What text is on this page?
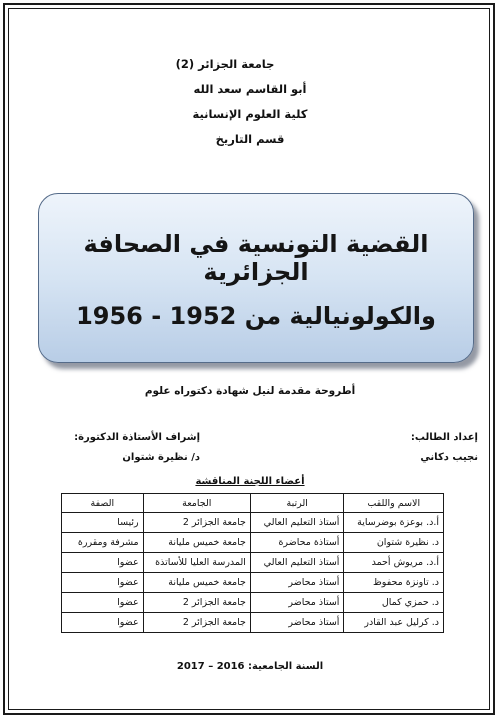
جامعة الجزائر (2)
أبو القاسم سعد الله
كلية العلوم الإنسانية
قسم التاريخ
القضية التونسية في الصحافة الجزائرية
والكولونيالية من 1952 - 1956
أطروحة مقدمة لنيل شهادة دكتوراه علوم
إعداد الطالب:
نجيب دكاني
إشراف الأستاذة الدكتورة:
د/ نظيرة شتوان
أعضاء اللجنة المناقشة
الاسم واللقب	الرتبة	الجامعة	الصفة
أ.د. بوعزة بوضرساية	أستاذ التعليم العالي	جامعة الجزائر 2	رئيسا
د. نظيرة شتوان	أستاذة محاضرة	جامعة خميس مليانة	مشرفة ومقررة
أ.د. مريوش أحمد	أستاذ التعليم العالي	المدرسة العليا للأساتذة	عضوا
د. تاونزة محفوظ	أستاذ محاضر	جامعة خميس مليانة	عضوا
د. حمزي كمال	أستاذ محاضر	جامعة الجزائر 2	عضوا
د. كرليل عبد القادر	أستاذ محاضر	جامعة الجزائر 2	عضوا
السنة الجامعية: 2016 – 2017
